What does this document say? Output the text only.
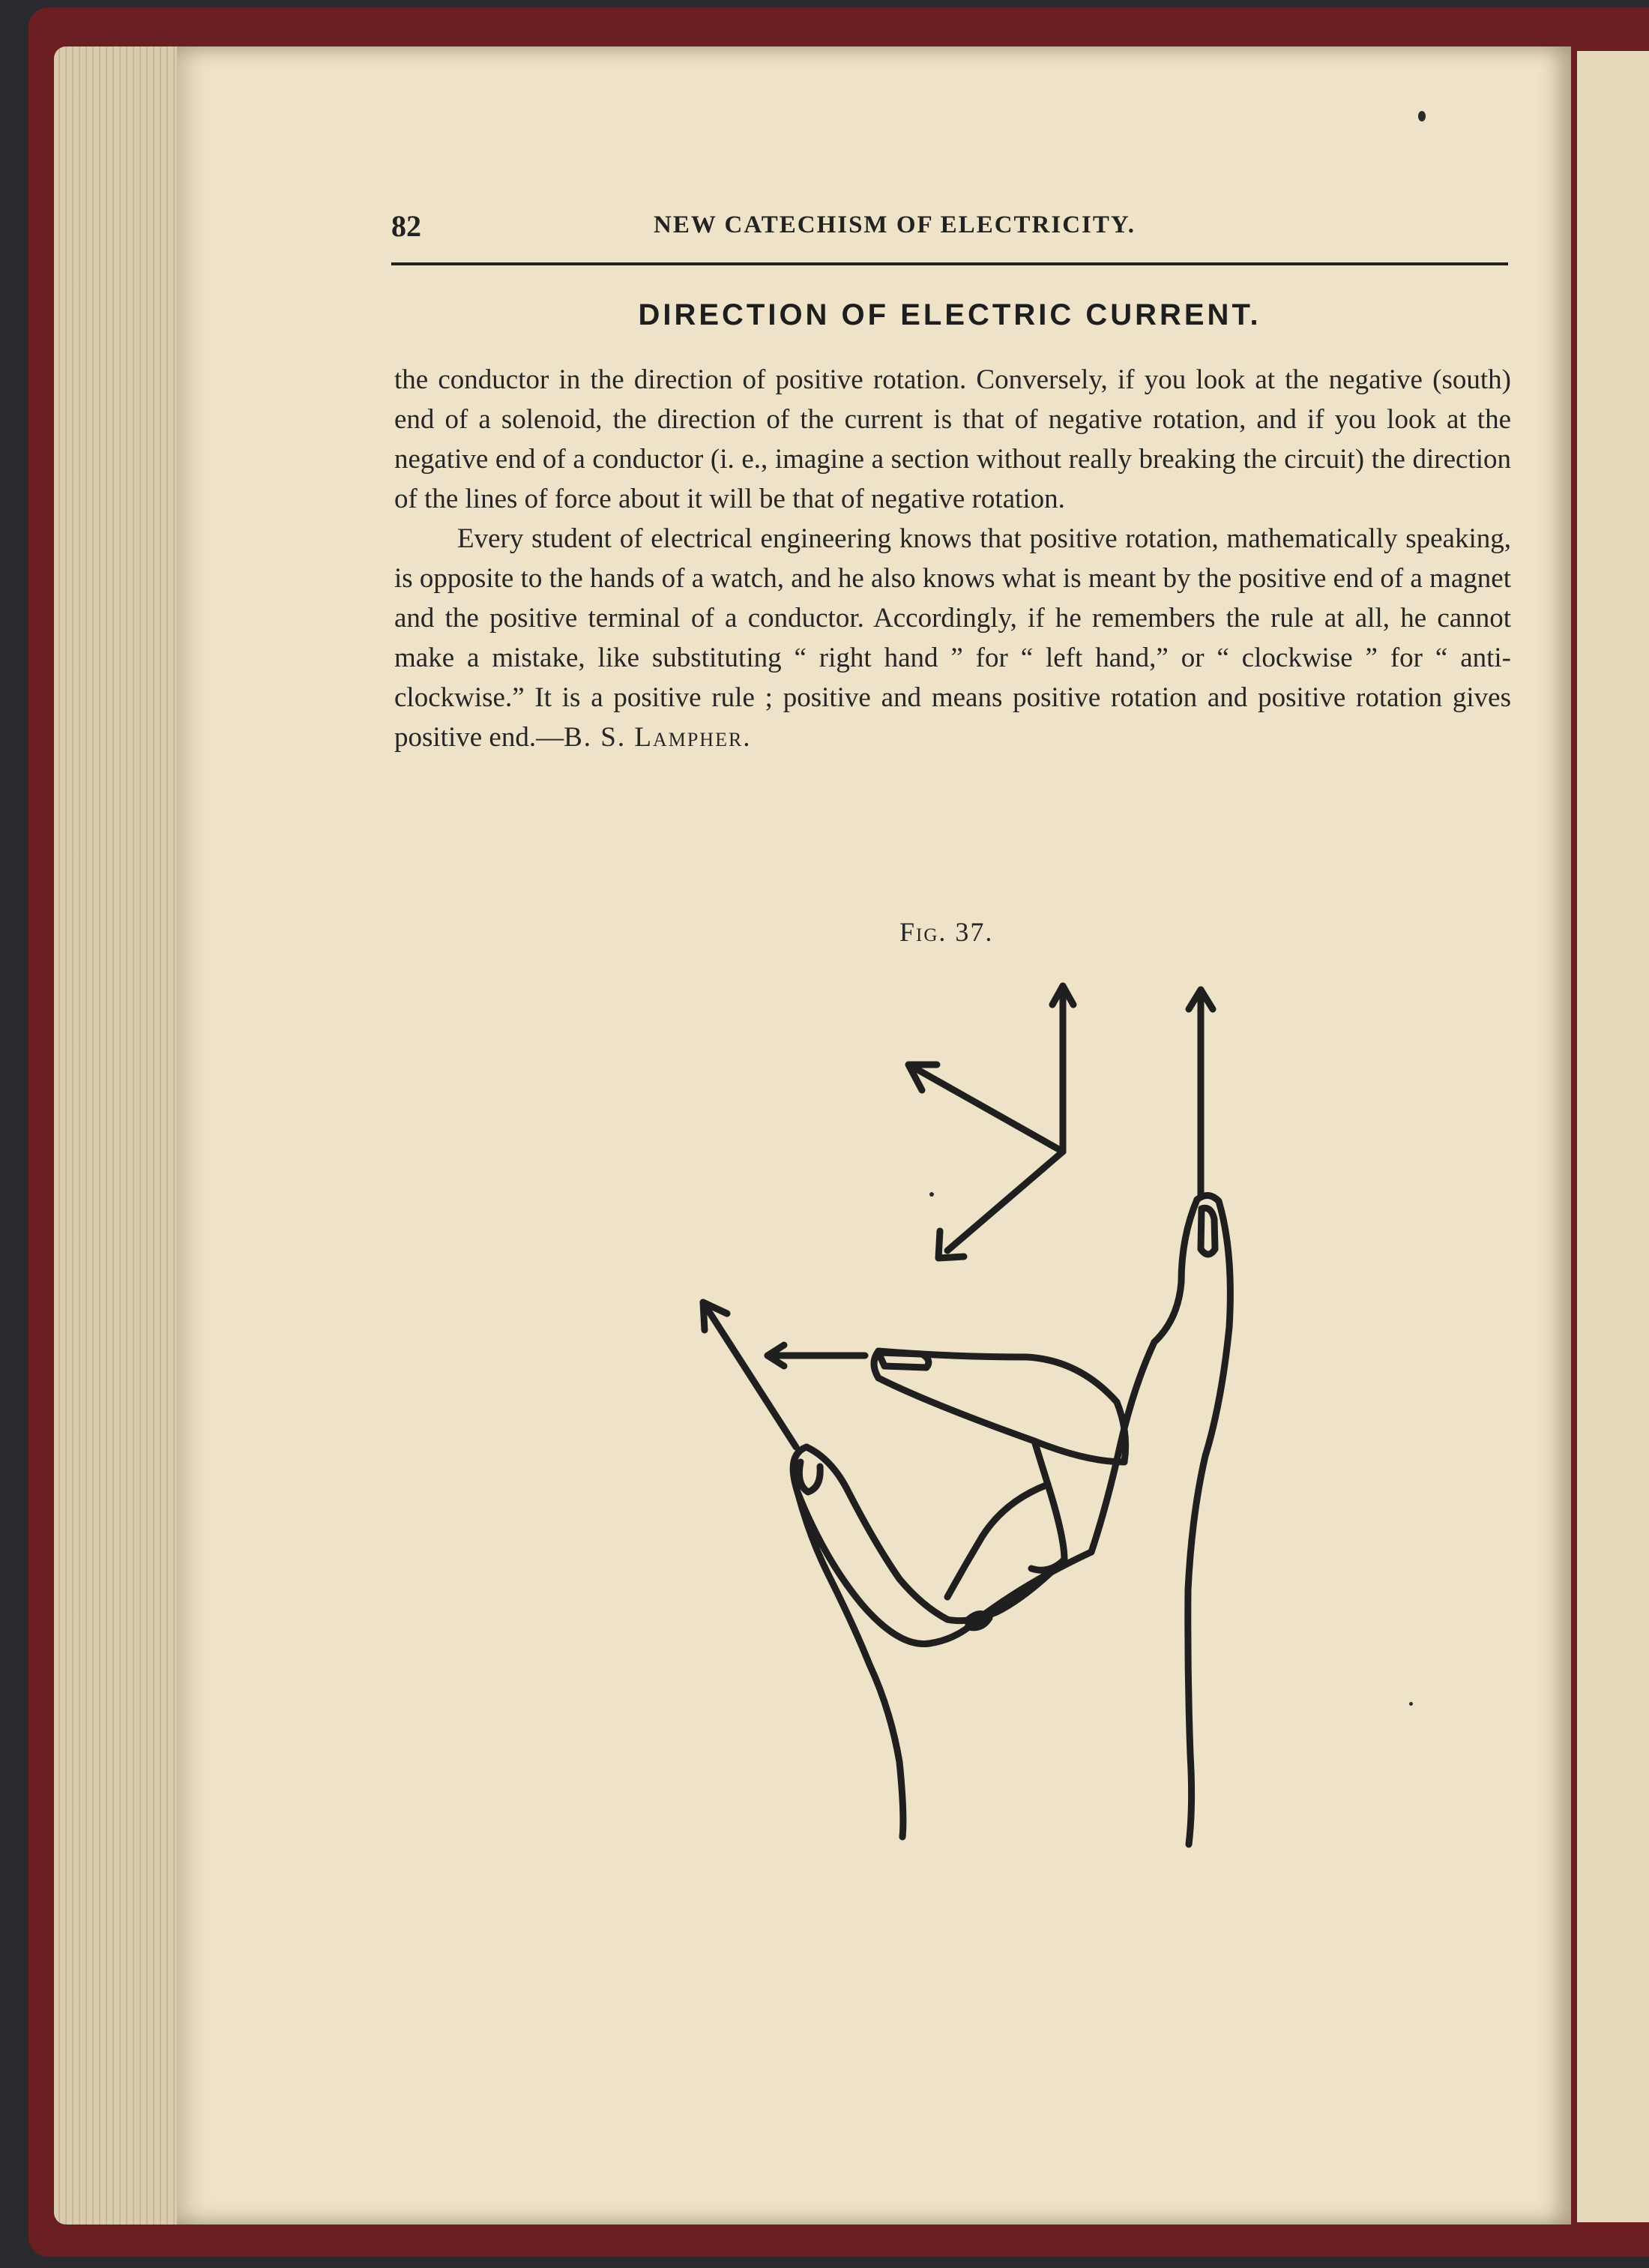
82	NEW CATECHISM OF ELECTRICITY.
DIRECTION OF ELECTRIC CURRENT.

the conductor in the direction of positive rotation. Conversely, if you look at the negative (south) end of a solenoid, the direction of the current is that of negative rotation, and if you look at the negative end of a conductor (i. e., imagine a section without really breaking the circuit) the direction of the lines of force about it will be that of negative rotation.

Every student of electrical engineering knows that positive rotation, mathematically speaking, is opposite to the hands of a watch, and he also knows what is meant by the positive end of a magnet and the positive terminal of a conductor. Accordingly, if he remembers the rule at all, he cannot make a mistake, like substituting “ right hand ” for “ left hand,” or “ clockwise ” for “ anti-clockwise.” It is a positive rule ; positive and means positive rotation and positive rotation gives positive end.—B. S. Lampher.

Fig. 37.
